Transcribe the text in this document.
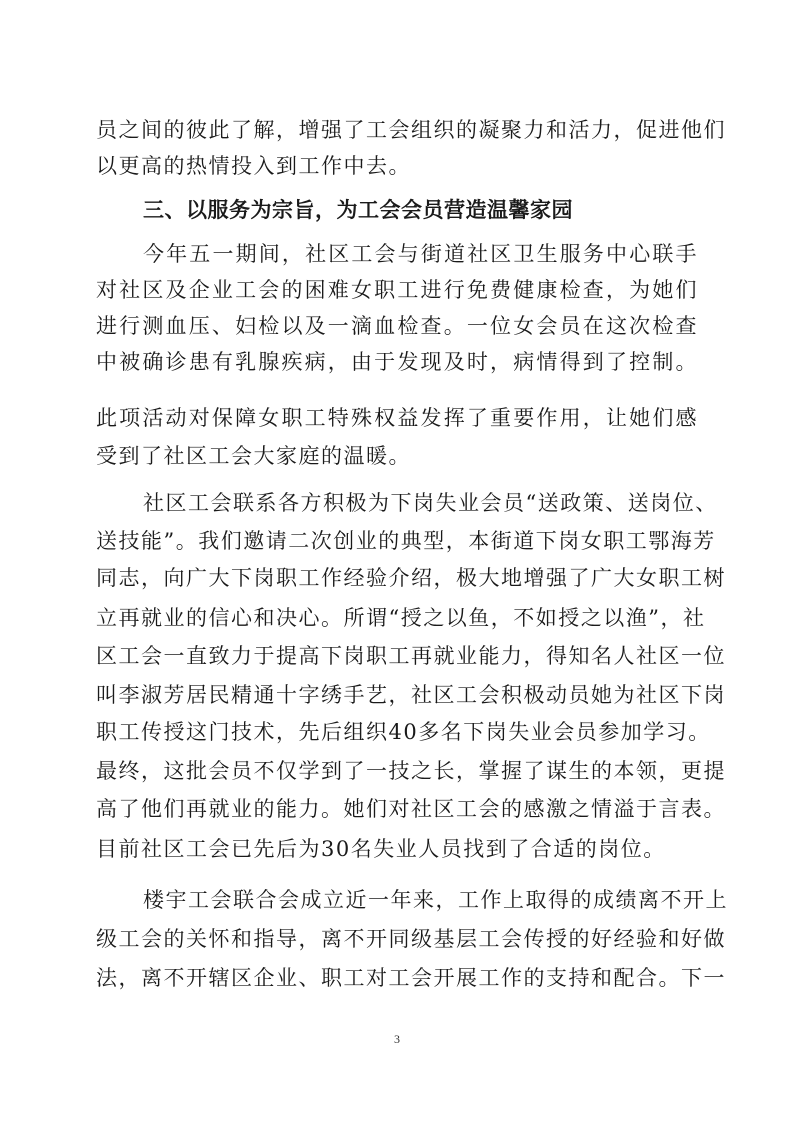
员之间的彼此了解，增强了工会组织的凝聚力和活力，促进他们
以更高的热情投入到工作中去。
三、以服务为宗旨，为工会会员营造温馨家园
今年五一期间，社区工会与街道社区卫生服务中心联手
对社区及企业工会的困难女职工进行免费健康检查，为她们
进行测血压、妇检以及一滴血检查。一位女会员在这次检查
中被确诊患有乳腺疾病，由于发现及时，病情得到了控制。
此项活动对保障女职工特殊权益发挥了重要作用，让她们感
受到了社区工会大家庭的温暖。
社区工会联系各方积极为下岗失业会员“送政策、送岗位、
送技能”。我们邀请二次创业的典型，本街道下岗女职工鄂海芳
同志，向广大下岗职工作经验介绍，极大地增强了广大女职工树
立再就业的信心和决心。所谓“授之以鱼，不如授之以渔”，社
区工会一直致力于提高下岗职工再就业能力，得知名人社区一位
叫李淑芳居民精通十字绣手艺，社区工会积极动员她为社区下岗
职工传授这门技术，先后组织40多名下岗失业会员参加学习。
最终，这批会员不仅学到了一技之长，掌握了谋生的本领，更提
高了他们再就业的能力。她们对社区工会的感激之情溢于言表。
目前社区工会已先后为30名失业人员找到了合适的岗位。
楼宇工会联合会成立近一年来，工作上取得的成绩离不开上
级工会的关怀和指导，离不开同级基层工会传授的好经验和好做
法，离不开辖区企业、职工对工会开展工作的支持和配合。下一
3
